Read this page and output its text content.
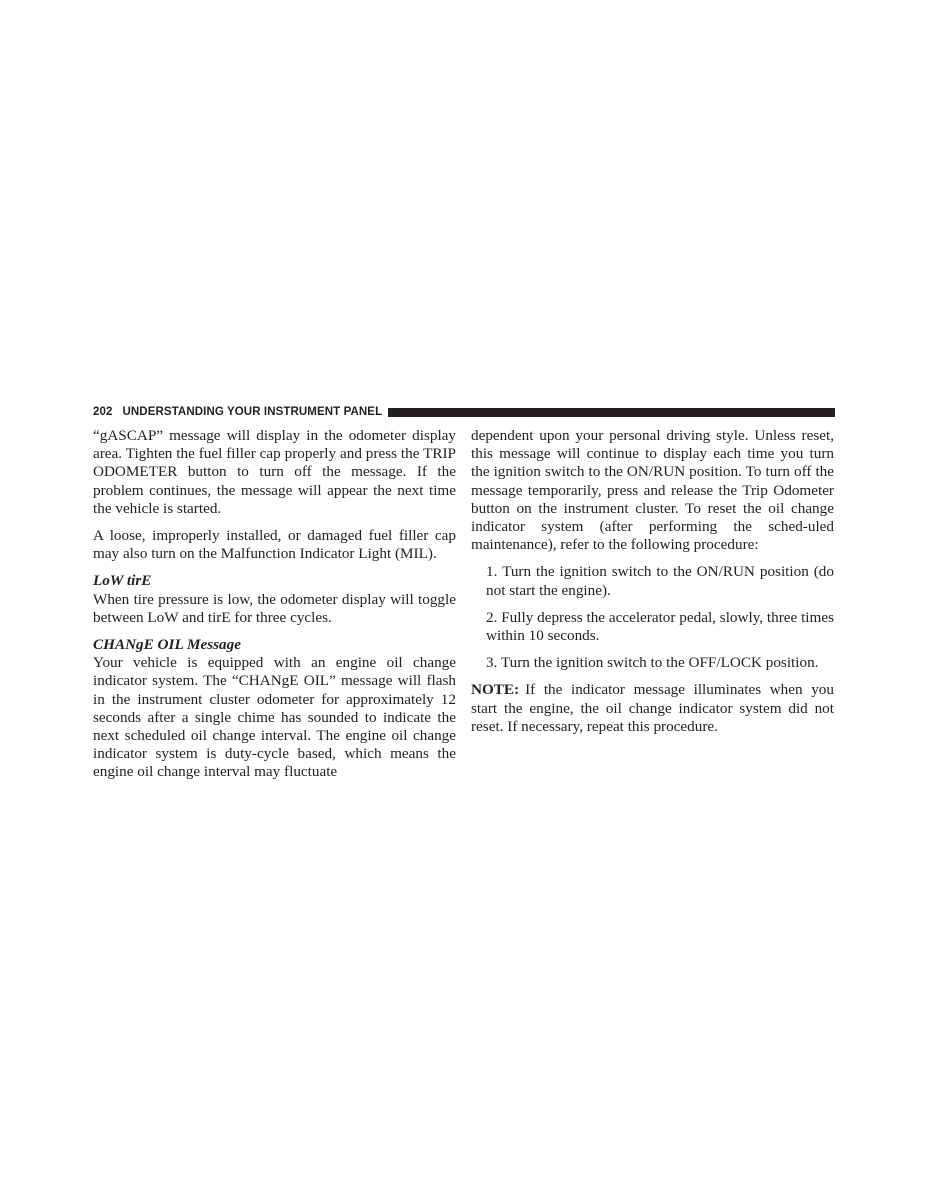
202 UNDERSTANDING YOUR INSTRUMENT PANEL

“gASCAP” message will display in the odometer display area. Tighten the fuel filler cap properly and press the TRIP ODOMETER button to turn off the message. If the problem continues, the message will appear the next time the vehicle is started.

A loose, improperly installed, or damaged fuel filler cap may also turn on the Malfunction Indicator Light (MIL).

LoW tirE

When tire pressure is low, the odometer display will toggle between LoW and tirE for three cycles.

CHANgE OIL Message

Your vehicle is equipped with an engine oil change indicator system. The “CHANgE OIL” message will flash in the instrument cluster odometer for approximately 12 seconds after a single chime has sounded to indicate the next scheduled oil change interval. The engine oil change indicator system is duty-cycle based, which means the engine oil change interval may fluctuate

dependent upon your personal driving style. Unless reset, this message will continue to display each time you turn the ignition switch to the ON/RUN position. To turn off the message temporarily, press and release the Trip Odometer button on the instrument cluster. To reset the oil change indicator system (after performing the sched-uled maintenance), refer to the following procedure:

1. Turn the ignition switch to the ON/RUN position (do not start the engine).
2. Fully depress the accelerator pedal, slowly, three times within 10 seconds.
3. Turn the ignition switch to the OFF/LOCK position.

NOTE: If the indicator message illuminates when you start the engine, the oil change indicator system did not reset. If necessary, repeat this procedure.
